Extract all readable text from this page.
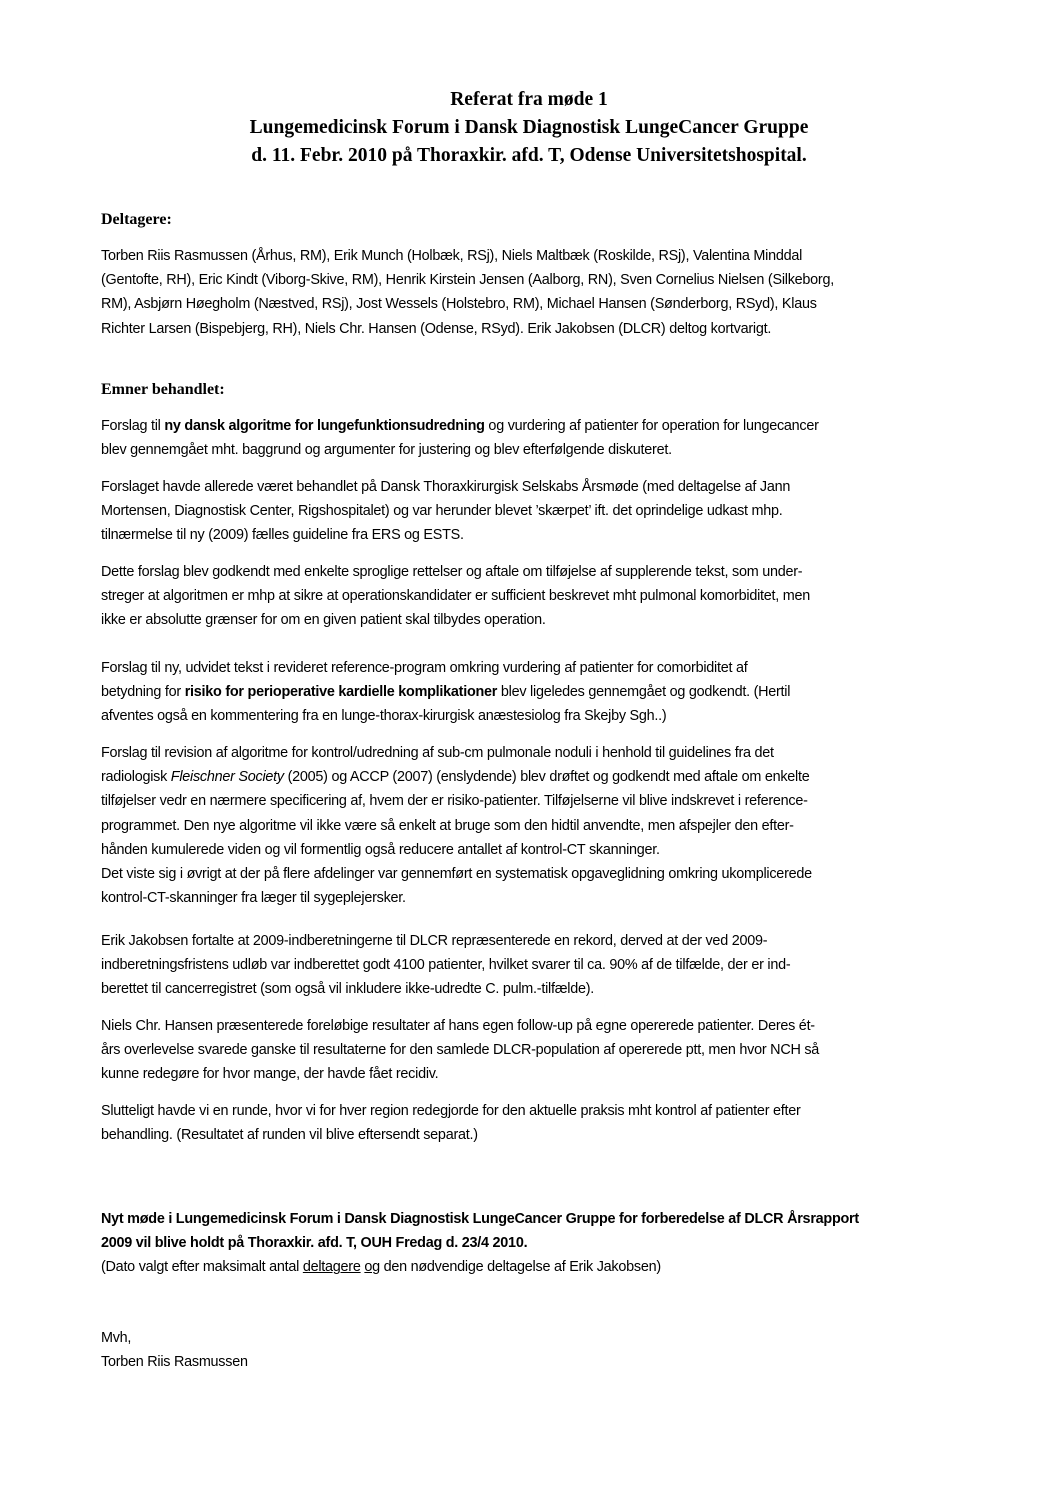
Referat fra møde 1
Lungemedicinsk Forum i Dansk Diagnostisk LungeCancer Gruppe
d. 11. Febr. 2010 på Thoraxkir. afd. T, Odense Universitetshospital.
Deltagere:
Torben Riis Rasmussen (Århus, RM), Erik Munch (Holbæk, RSj), Niels Maltbæk (Roskilde, RSj), Valentina Minddal
(Gentofte, RH), Eric Kindt (Viborg-Skive, RM), Henrik Kirstein Jensen (Aalborg, RN), Sven Cornelius Nielsen (Silkeborg,
RM), Asbjørn Høegholm (Næstved, RSj), Jost Wessels (Holstebro, RM), Michael Hansen (Sønderborg, RSyd), Klaus
Richter Larsen (Bispebjerg, RH), Niels Chr. Hansen (Odense, RSyd). Erik Jakobsen (DLCR) deltog kortvarigt.
Emner behandlet:
Forslag til ny dansk algoritme for lungefunktionsudredning og vurdering af patienter for operation for lungecancer
blev gennemgået mht. baggrund og argumenter for justering og blev efterfølgende diskuteret.
Forslaget havde allerede været behandlet på Dansk Thoraxkirurgisk Selskabs Årsmøde (med deltagelse af Jann
Mortensen, Diagnostisk Center, Rigshospitalet) og var herunder blevet ’skærpet’ ift. det oprindelige udkast mhp.
tilnærmelse til ny (2009) fælles guideline fra ERS og ESTS.
Dette forslag blev godkendt med enkelte sproglige rettelser og aftale om tilføjelse af supplerende tekst, som under-
streger at algoritmen er mhp at sikre at operationskandidater er sufficient beskrevet mht pulmonal komorbiditet, men
ikke er absolutte grænser for om en given patient skal tilbydes operation.
Forslag til ny, udvidet tekst i revideret reference-program omkring vurdering af patienter for comorbiditet af
betydning for risiko for perioperative kardielle komplikationer blev ligeledes gennemgået og godkendt. (Hertil
afventes også en kommentering fra en lunge-thorax-kirurgisk anæstesiolog fra Skejby Sgh..)
Forslag til revision af algoritme for kontrol/udredning af sub-cm pulmonale noduli i henhold til guidelines fra det
radiologisk Fleischner Society (2005) og ACCP (2007) (enslydende) blev drøftet og godkendt med aftale om enkelte
tilføjelser vedr en nærmere specificering af, hvem der er risiko-patienter. Tilføjelserne vil blive indskrevet i reference-
programmet. Den nye algoritme vil ikke være så enkelt at bruge som den hidtil anvendte, men afspejler den efter-
hånden kumulerede viden og vil formentlig også reducere antallet af kontrol-CT skanninger.
Det viste sig i øvrigt at der på flere afdelinger var gennemført en systematisk opgaveglidning omkring ukomplicerede
kontrol-CT-skanninger fra læger til sygeplejersker.
Erik Jakobsen fortalte at 2009-indberetningerne til DLCR repræsenterede en rekord, derved at der ved 2009-
indberetningsfristens udløb var indberettet godt 4100 patienter, hvilket svarer til ca. 90% af de tilfælde, der er ind-
berettet til cancerregistret (som også vil inkludere ikke-udredte C. pulm.-tilfælde).
Niels Chr. Hansen præsenterede foreløbige resultater af hans egen follow-up på egne opererede patienter. Deres ét-
års overlevelse svarede ganske til resultaterne for den samlede DLCR-population af opererede ptt, men hvor NCH så
kunne redegøre for hvor mange, der havde fået recidiv.
Slutteligt havde vi en runde, hvor vi for hver region redegjorde for den aktuelle praksis mht kontrol af patienter efter
behandling. (Resultatet af runden vil blive eftersendt separat.)
Nyt møde i Lungemedicinsk Forum i Dansk Diagnostisk LungeCancer Gruppe for forberedelse af DLCR Årsrapport
2009 vil blive holdt på Thoraxkir. afd. T, OUH Fredag d. 23/4 2010.
(Dato valgt efter maksimalt antal deltagere og den nødvendige deltagelse af Erik Jakobsen)
Mvh,
Torben Riis Rasmussen
